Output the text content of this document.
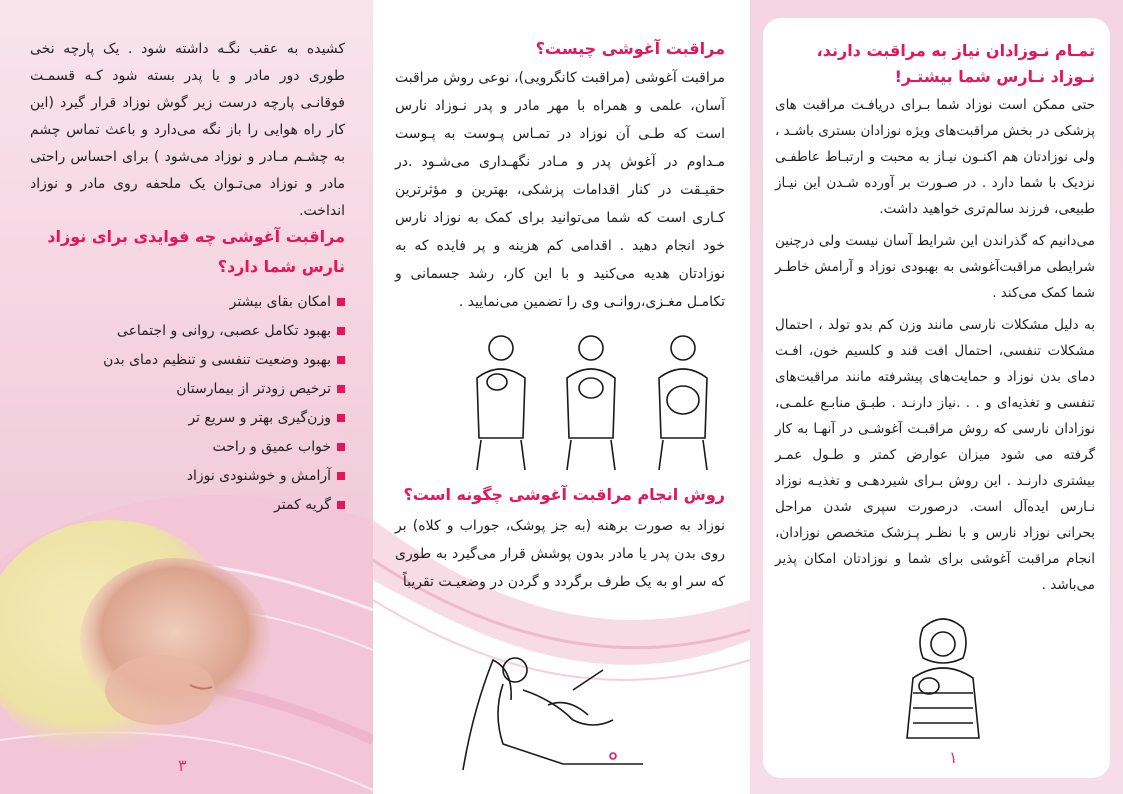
کشیده به عقب نگـه داشته شود . یک پارچه نخی طوری دور مادر و یا پدر بسته شود کـه قسمـت فوقانـی پارچه درست زیر گوش نوزاد قرار گیرد (این کار راه هوایی را باز نگه می‌دارد و باعث تماس چشم به چشـم مـادر و نوزاد می‌شود ) برای احساس راحتی مادر و نوزاد می‌تـوان یک ملحفه روی مادر و نوزاد انداخت.
مراقبت آغوشی چه فوایدی برای نوزاد نارس شما دارد؟
امکان بقای بیشتر
بهبود تکامل عصبی، روانی و اجتماعی
بهبود وضعیت تنفسی و تنظیم دمای بدن
ترخیص زودتر از بیمارستان
وزن‌گیری بهتر و سریع تر
خواب عمیق و راحت
آرامش و خوشنودی نوزاد
گریه کمتر
۳
مراقبت آغوشی چیست؟
مراقبت آغوشی (مراقبت کانگرویی)، نوعی روش مراقبت آسان، علمی و همراه با مهر مادر و پدر نـوزاد نارس است که طـی آن نوزاد در تمـاس پـوست به پـوست مـداوم در آغوش پدر و مـادر نگهـداری می‌شـود .در حقیـقت در کنار اقدامات پزشکی، بهترین و مؤثرترین کـاری است که شما می‌توانید برای کمک به نوزاد نارس خود انجام دهید . اقدامی کم هزینه و پر فایده که به نوزادتان هدیه می‌کنید و با این کار، رشد جسمانی و تکامـل مغـزی،روانـی وی را تضمین می‌نمایید .
روش انجام مراقبت آغوشی چگونه است؟
نوزاد به صورت برهنه (به جز پوشک، جوراب و کلاه) بر روی بدن پدر یا مادر بدون پوشش قرار می‌گیرد به طوری که سر او به یک طرف برگردد و گردن در وضعیـت تقریباً
تمـام نـوزادان نیاز به مراقبت دارند،
نـوزاد نـارس شما بیشتـر!
حتی ممکن است نوزاد شما بـرای دریافـت مراقبت های پزشکی در بخش مراقبت‌های ویژه نوزادان بستری باشـد ، ولی نوزادتان هم اکنـون نیـاز به محبت و ارتبـاط عاطفـی نزدیک با شما دارد . در صـورت بر آورده شـدن این نیـاز طبیعی، فرزند سالم‌تری خواهید داشت.
می‌دانیم که گذراندن این شرایط آسان نیست ولی درچنین شرایطی مراقبت‌آغوشی به بهبودی نوزاد و آرامش خاطـر شما کمک می‌کند .
به دلیل مشکلات نارسی مانند وزن کم بدو تولد ، احتمال مشکلات تنفسی، احتمال افت قند و کلسیم خون، افـت دمای بدن نوزاد و حمایت‌های پیشرفته مانند مراقبت‌های تنفسی و تغذیه‌ای و . . .نیاز دارنـد . طبـق منابـع علمـی، نوزادان نارسی که روش مراقبـت آغوشـی در آنهـا به کار گرفته می شود میزان عوارض کمتر و طـول عمـر بیشتری دارنـد . این روش بـرای شیردهـی و تغذیـه نوزاد نـارس ایده‌آل است. درصورت سپری شدن مراحل بحرانی نوزاد نارس و با نظـر پـزشک متخصص نوزادان، انجام مراقبت آغوشی برای شما و نوزادتان امکان پذیر می‌باشد .
۱
